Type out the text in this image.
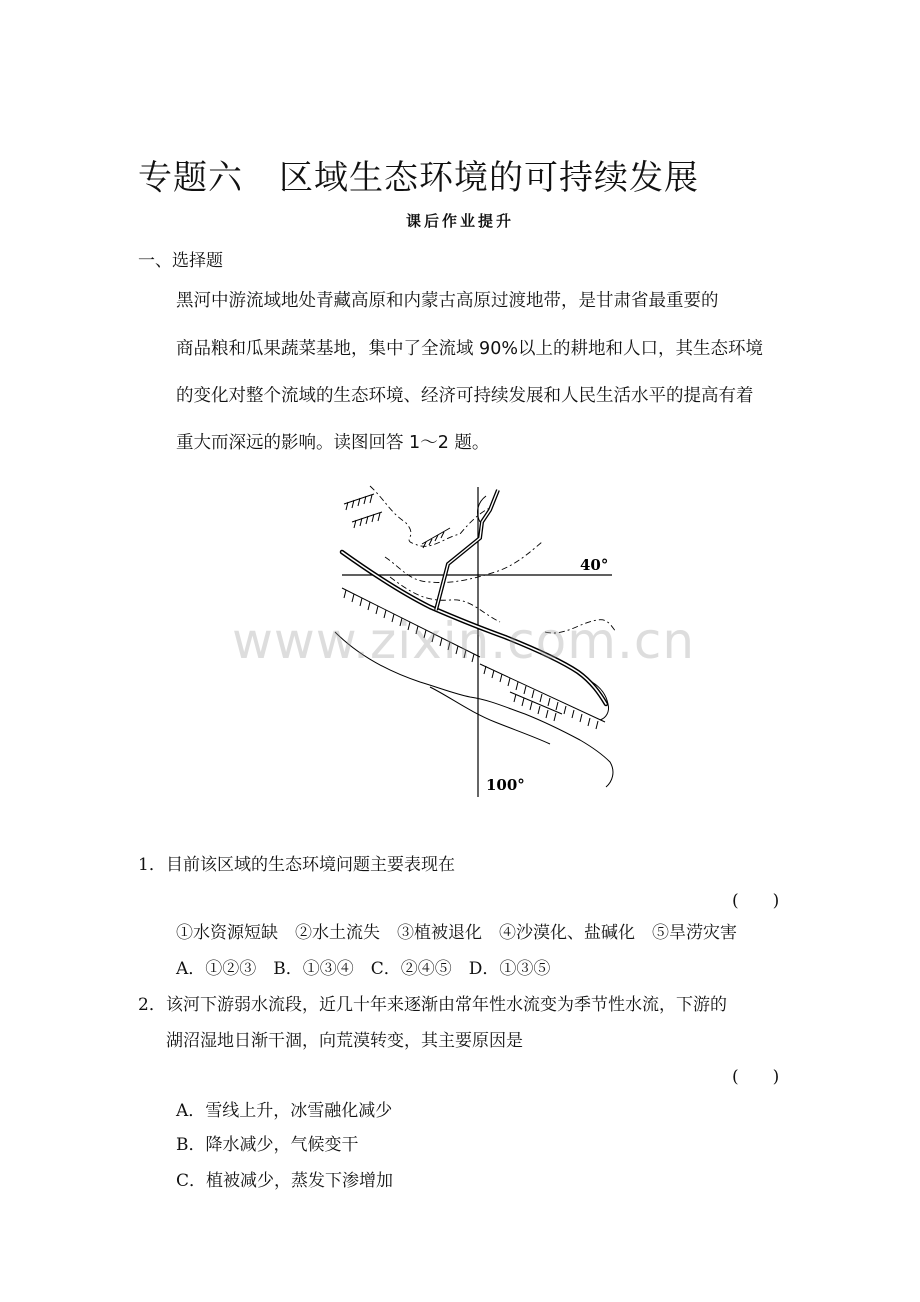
专题六 区域生态环境的可持续发展
课后作业提升
一、选择题
黑河中游流域地处青藏高原和内蒙古高原过渡地带，是甘肃省最重要的
商品粮和瓜果蔬菜基地，集中了全流域 90%以上的耕地和人口，其生态环境
的变化对整个流域的生态环境、经济可持续发展和人民生活水平的提高有着
重大而深远的影响。读图回答 1～2 题。
40°
100°
www.zixin.com.cn
1． 目前该区域的生态环境问题主要表现在
(　　)
①水资源短缺　②水土流失　③植被退化　④沙漠化、盐碱化　⑤旱涝灾害
A．①②③　B．①③④　C．②④⑤　D．①③⑤
2． 该河下游弱水流段，近几十年来逐渐由常年性水流变为季节性水流，下游的
湖沼湿地日渐干涸，向荒漠转变，其主要原因是
(　　)
A．雪线上升，冰雪融化减少
B．降水减少，气候变干
C．植被减少，蒸发下渗增加
